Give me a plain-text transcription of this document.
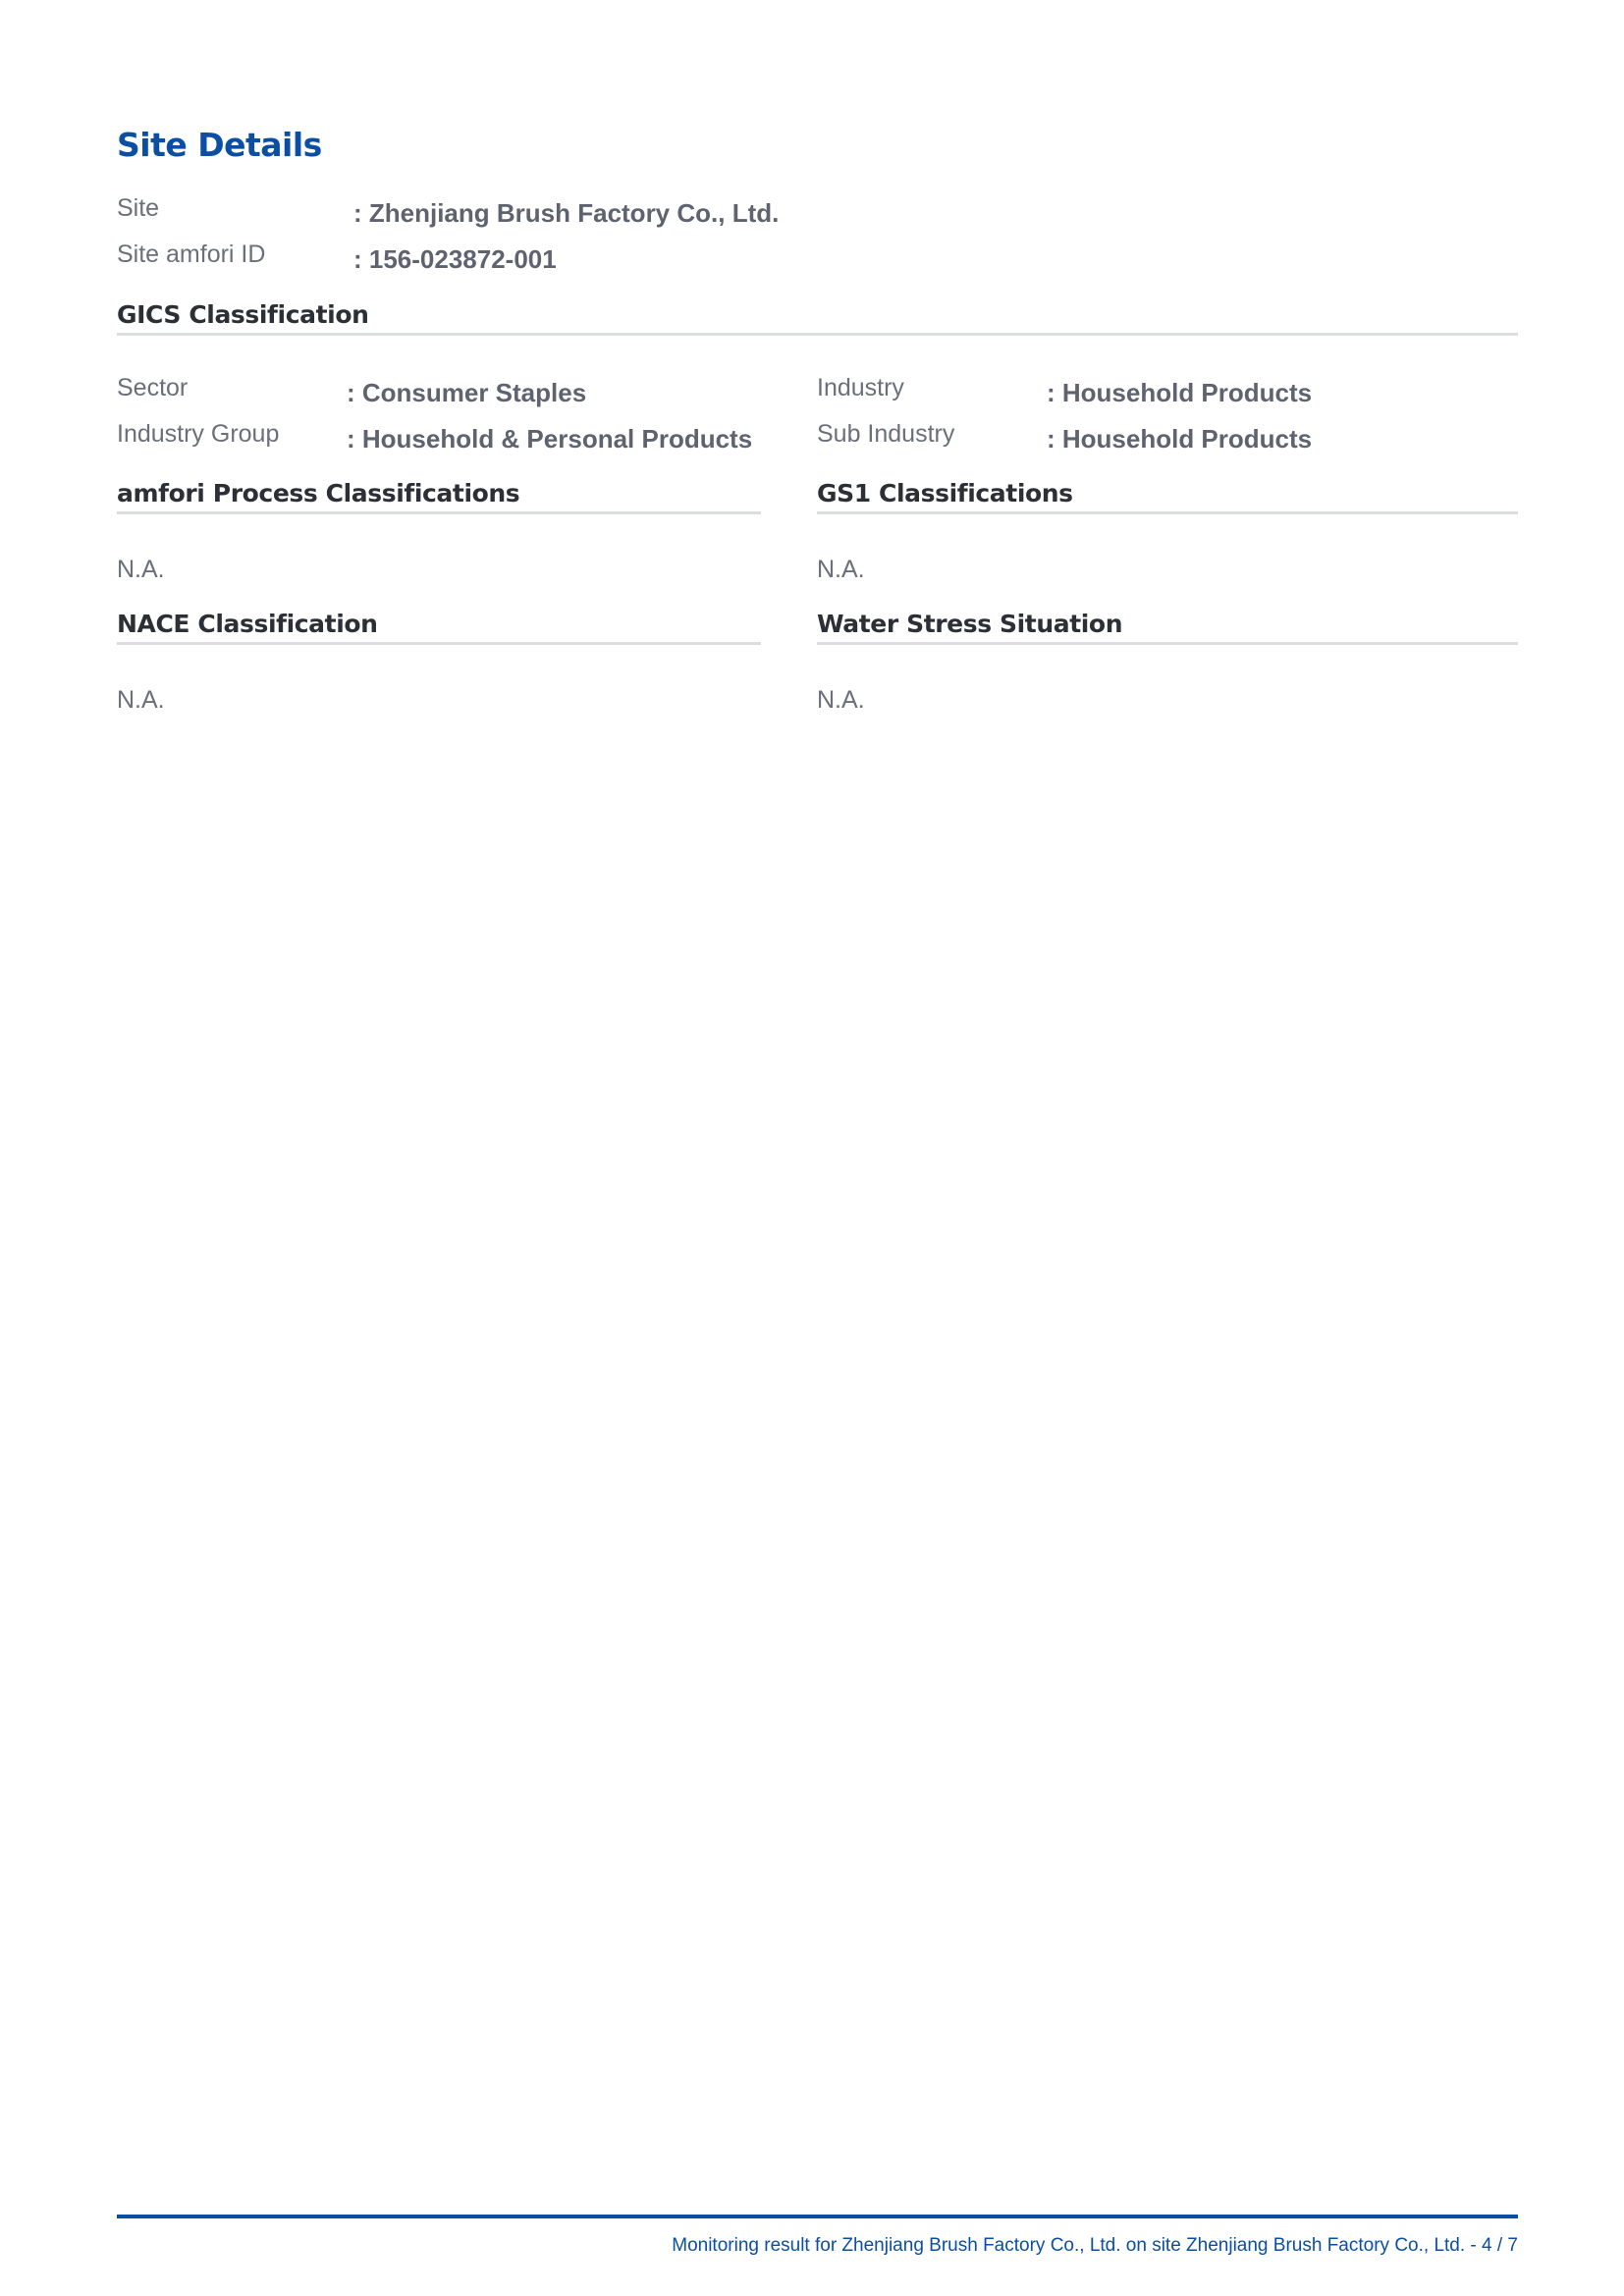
Site Details
Site	: Zhenjiang Brush Factory Co., Ltd.
Site amfori ID	: 156-023872-001
GICS Classification
Sector	: Consumer Staples
Industry Group	: Household & Personal Products
Industry	: Household Products
Sub Industry	: Household Products
amfori Process Classifications
N.A.
GS1 Classifications
N.A.
NACE Classification
N.A.
Water Stress Situation
N.A.
Monitoring result for Zhenjiang Brush Factory Co., Ltd. on site Zhenjiang Brush Factory Co., Ltd. - 4 / 7
